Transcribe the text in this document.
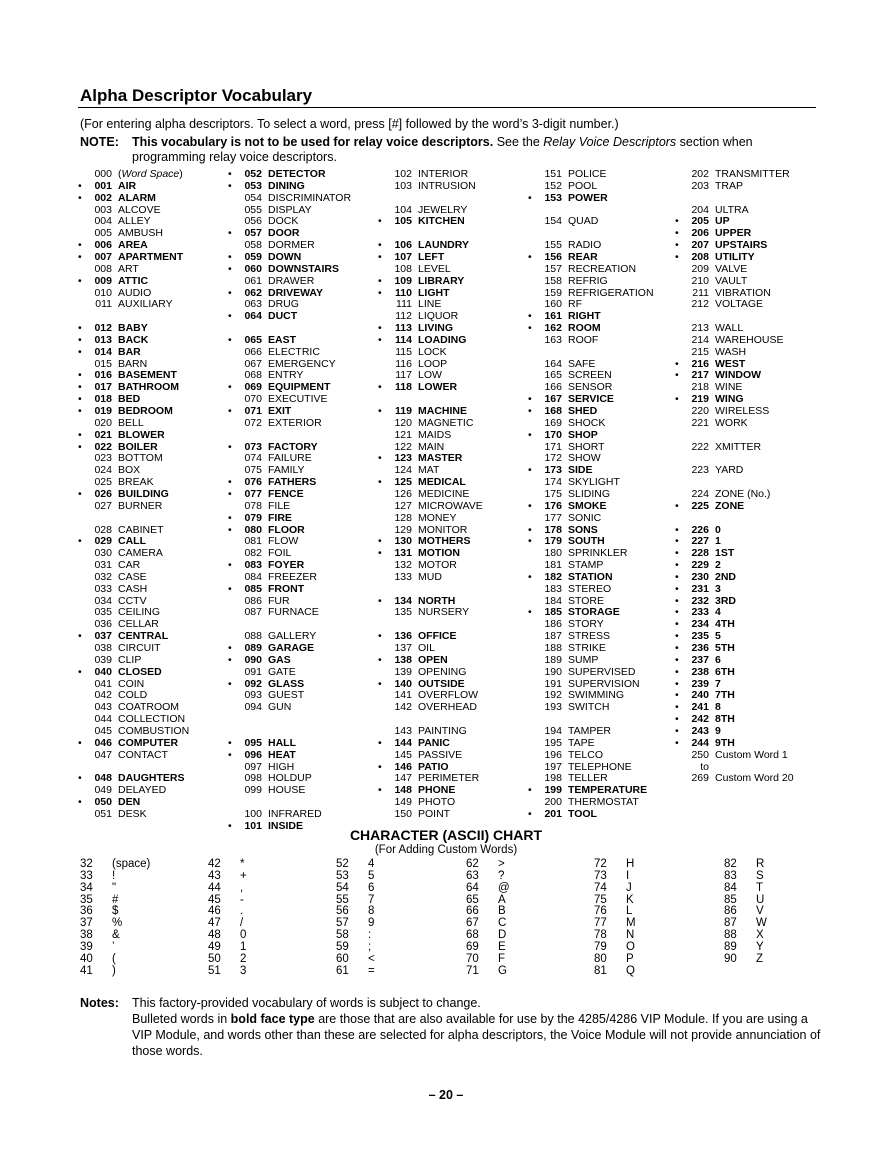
Alpha Descriptor Vocabulary
(For entering alpha descriptors. To select a word, press [#] followed by the word’s 3-digit number.)
NOTE: This vocabulary is not to be used for relay voice descriptors. See the Relay Voice Descriptors section when programming relay voice descriptors.
000 (Word Space)
•	001 AIR
•	002 ALARM
003 ALCOVE
004 ALLEY
005 AMBUSH
•	006 AREA
•	007 APARTMENT
008 ART
•	009 ATTIC
010 AUDIO
011 AUXILIARY
•	012 BABY
•	013 BACK
•	014 BAR
015 BARN
•	016 BASEMENT
•	017 BATHROOM
•	018 BED
•	019 BEDROOM
020 BELL
•	021 BLOWER
•	022 BOILER
023 BOTTOM
024 BOX
025 BREAK
•	026 BUILDING
027 BURNER
028 CABINET
•	029 CALL
030 CAMERA
031 CAR
032 CASE
033 CASH
034 CCTV
035 CEILING
036 CELLAR
•	037 CENTRAL
038 CIRCUIT
039 CLIP
•	040 CLOSED
041 COIN
042 COLD
043 COATROOM
044 COLLECTION
045 COMBUSTION
•	046 COMPUTER
047 CONTACT
•	048 DAUGHTERS
049 DELAYED
•	050 DEN
051 DESK
•	052 DETECTOR
•	053 DINING
054 DISCRIMINATOR
055 DISPLAY
056 DOCK
•	057 DOOR
058 DORMER
•	059 DOWN
•	060 DOWNSTAIRS
061 DRAWER
•	062 DRIVEWAY
063 DRUG
•	064 DUCT
•	065 EAST
066 ELECTRIC
067 EMERGENCY
068 ENTRY
•	069 EQUIPMENT
070 EXECUTIVE
•	071 EXIT
072 EXTERIOR
•	073 FACTORY
074 FAILURE
075 FAMILY
•	076 FATHERS
•	077 FENCE
078 FILE
•	079 FIRE
•	080 FLOOR
081 FLOW
082 FOIL
•	083 FOYER
084 FREEZER
•	085 FRONT
086 FUR
087 FURNACE
088 GALLERY
•	089 GARAGE
•	090 GAS
091 GATE
•	092 GLASS
093 GUEST
094 GUN
•	095 HALL
•	096 HEAT
097 HIGH
098 HOLDUP
099 HOUSE
100 INFRARED
•	101 INSIDE
102 INTERIOR
103 INTRUSION
104 JEWELRY
•	105 KITCHEN
•	106 LAUNDRY
•	107 LEFT
108 LEVEL
•	109 LIBRARY
•	110 LIGHT
111 LINE
112 LIQUOR
•	113 LIVING
•	114 LOADING
115 LOCK
116 LOOP
117 LOW
•	118 LOWER
•	119 MACHINE
120 MAGNETIC
121 MAIDS
122 MAIN
•	123 MASTER
124 MAT
•	125 MEDICAL
126 MEDICINE
127 MICROWAVE
128 MONEY
129 MONITOR
•	130 MOTHERS
•	131 MOTION
132 MOTOR
133 MUD
•	134 NORTH
135 NURSERY
•	136 OFFICE
137 OIL
•	138 OPEN
139 OPENING
•	140 OUTSIDE
141 OVERFLOW
142 OVERHEAD
143 PAINTING
•	144 PANIC
145 PASSIVE
•	146 PATIO
147 PERIMETER
•	148 PHONE
149 PHOTO
150 POINT
151 POLICE
152 POOL
•	153 POWER
154 QUAD
155 RADIO
•	156 REAR
157 RECREATION
158 REFRIG
159 REFRIGERATION
160 RF
•	161 RIGHT
•	162 ROOM
163 ROOF
164 SAFE
165 SCREEN
166 SENSOR
•	167 SERVICE
•	168 SHED
169 SHOCK
•	170 SHOP
171 SHORT
172 SHOW
•	173 SIDE
174 SKYLIGHT
175 SLIDING
•	176 SMOKE
177 SONIC
•	178 SONS
•	179 SOUTH
180 SPRINKLER
181 STAMP
•	182 STATION
183 STEREO
184 STORE
•	185 STORAGE
186 STORY
187 STRESS
188 STRIKE
189 SUMP
190 SUPERVISED
191 SUPERVISION
192 SWIMMING
193 SWITCH
194 TAMPER
195 TAPE
196 TELCO
197 TELEPHONE
198 TELLER
•	199 TEMPERATURE
200 THERMOSTAT
•	201 TOOL
202 TRANSMITTER
203 TRAP
204 ULTRA
•	205 UP
•	206 UPPER
•	207 UPSTAIRS
•	208 UTILITY
209 VALVE
210 VAULT
211 VIBRATION
212 VOLTAGE
213 WALL
214 WAREHOUSE
215 WASH
•	216 WEST
•	217 WINDOW
218 WINE
•	219 WING
220 WIRELESS
221 WORK
222 XMITTER
223 YARD
224 ZONE (No.)
•	225 ZONE
•	226 0
•	227 1
•	228 1ST
•	229 2
•	230 2ND
•	231 3
•	232 3RD
•	233 4
•	234 4TH
•	235 5
•	236 5TH
•	237 6
•	238 6TH
•	239 7
•	240 7TH
•	241 8
•	242 8TH
•	243 9
•	244 9TH
250 Custom Word 1
to
269 Custom Word 20
CHARACTER (ASCII) CHART
(For Adding Custom Words)
32 (space)
33 !
34 "
35 #
36 $
37 %
38 &
39 ’
40 (
41 )
42 *
43 +
44 ,
45 -
46 .
47 /
48 0
49 1
50 2
51 3
52 4
53 5
54 6
55 7
56 8
57 9
58 :
59 ;
60 <
61 =
62 >
63 ?
64 @
65 A
66 B
67 C
68 D
69 E
70 F
71 G
72 H
73 I
74 J
75 K
76 L
77 M
78 N
79 O
80 P
81 Q
82 R
83 S
84 T
85 U
86 V
87 W
88 X
89 Y
90 Z
Notes: This factory-provided vocabulary of words is subject to change.
Bulleted words in bold face type are those that are also available for use by the 4285/4286 VIP Module. If you are using a VIP Module, and words other than these are selected for alpha descriptors, the Voice Module will not provide annunciation of those words.
– 20 –
